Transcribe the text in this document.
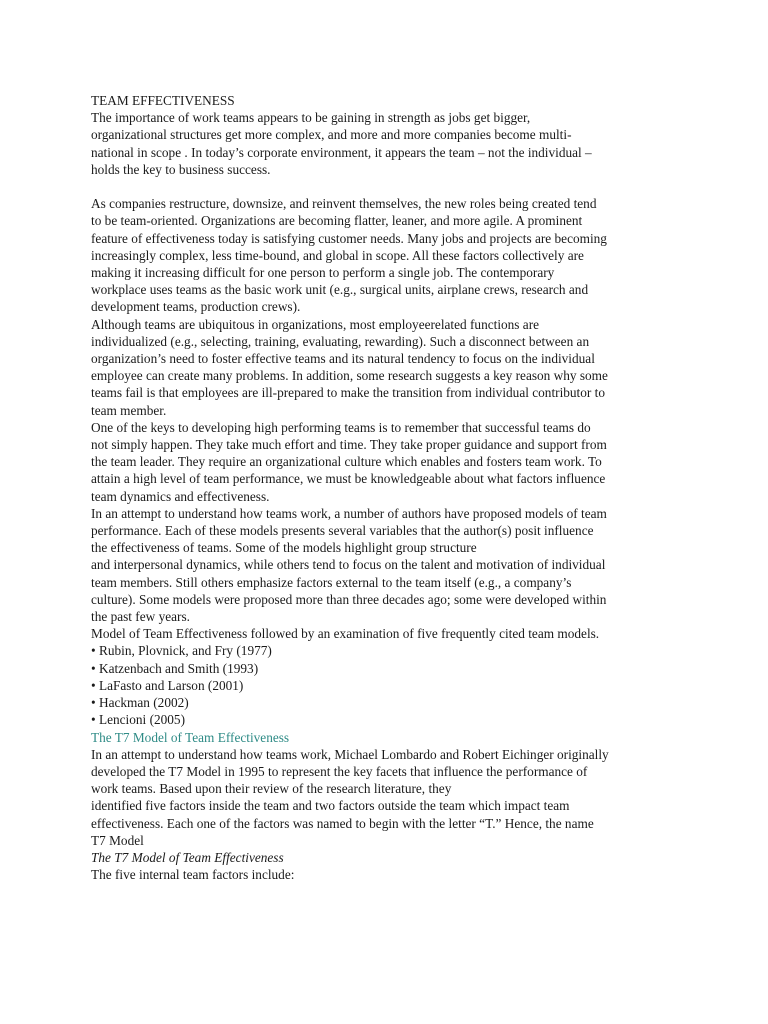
TEAM EFFECTIVENESS
The importance of work teams appears to be gaining in strength as jobs get bigger,
organizational structures get more complex, and more and more companies become multi-
national in scope . In today’s corporate environment, it appears the team – not the individual –
holds the key to business success.
As companies restructure, downsize, and reinvent themselves, the new roles being created tend
to be team-oriented. Organizations are becoming flatter, leaner, and more agile. A prominent
feature of effectiveness today is satisfying customer needs. Many jobs and projects are becoming
increasingly complex, less time-bound, and global in scope. All these factors collectively are
making it increasing difficult for one person to perform a single job. The contemporary
workplace uses teams as the basic work unit (e.g., surgical units, airplane crews, research and
development teams, production crews).
Although teams are ubiquitous in organizations, most employeerelated functions are
individualized (e.g., selecting, training, evaluating, rewarding). Such a disconnect between an
organization’s need to foster effective teams and its natural tendency to focus on the individual
employee can create many problems. In addition, some research suggests a key reason why some
teams fail is that employees are ill-prepared to make the transition from individual contributor to
team member.
One of the keys to developing high performing teams is to remember that successful teams do
not simply happen. They take much effort and time. They take proper guidance and support from
the team leader. They require an organizational culture which enables and fosters team work. To
attain a high level of team performance, we must be knowledgeable about what factors influence
team dynamics and effectiveness.
In an attempt to understand how teams work, a number of authors have proposed models of team
performance. Each of these models presents several variables that the author(s) posit influence
the effectiveness of teams. Some of the models highlight group structure
and interpersonal dynamics, while others tend to focus on the talent and motivation of individual
team members. Still others emphasize factors external to the team itself (e.g., a company’s
culture). Some models were proposed more than three decades ago; some were developed within
the past few years.
Model of Team Effectiveness followed by an examination of five frequently cited team models.
• Rubin, Plovnick, and Fry (1977)
• Katzenbach and Smith (1993)
• LaFasto and Larson (2001)
• Hackman (2002)
• Lencioni (2005)
The T7 Model of Team Effectiveness
In an attempt to understand how teams work, Michael Lombardo and Robert Eichinger originally
developed the T7 Model in 1995 to represent the key facets that influence the performance of
work teams. Based upon their review of the research literature, they
identified five factors inside the team and two factors outside the team which impact team
effectiveness. Each one of the factors was named to begin with the letter “T.” Hence, the name
T7 Model
The T7 Model of Team Effectiveness
The five internal team factors include:
